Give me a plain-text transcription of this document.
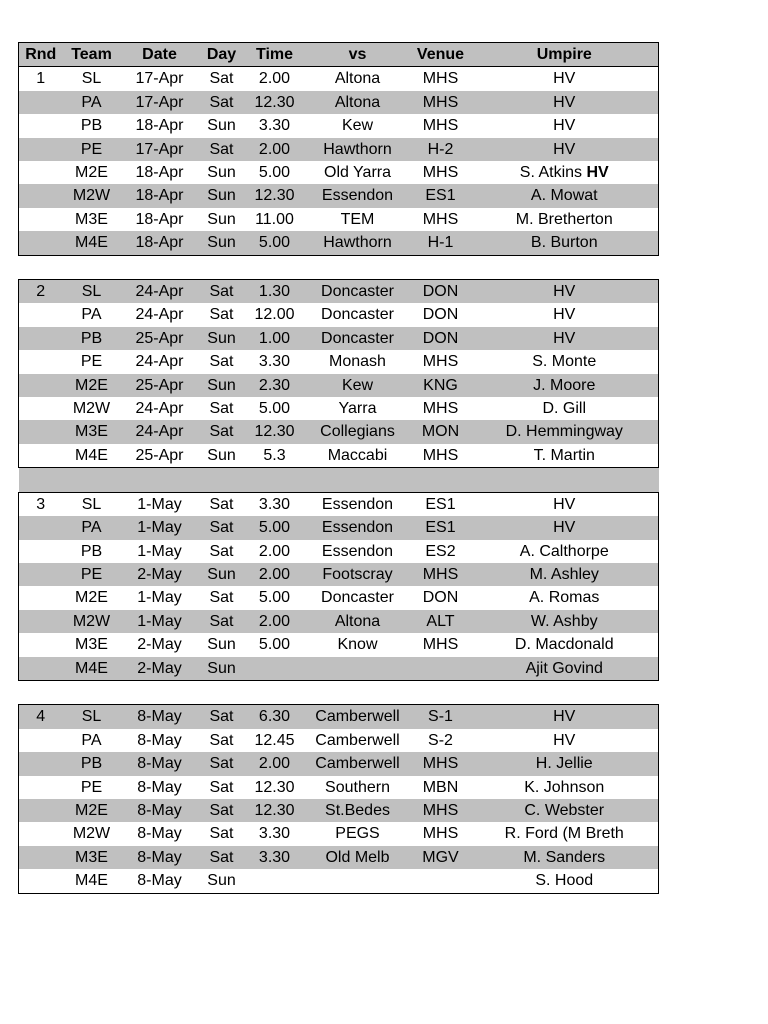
Rnd	Team	Date	Day	Time	vs	Venue	Umpire
1	SL	17-Apr	Sat	2.00	Altona	MHS	HV
	PA	17-Apr	Sat	12.30	Altona	MHS	HV
	PB	18-Apr	Sun	3.30	Kew	MHS	HV
	PE	17-Apr	Sat	2.00	Hawthorn	H-2	HV
	M2E	18-Apr	Sun	5.00	Old Yarra	MHS	S. Atkins HV
	M2W	18-Apr	Sun	12.30	Essendon	ES1	A. Mowat
	M3E	18-Apr	Sun	11.00	TEM	MHS	M. Bretherton
	M4E	18-Apr	Sun	5.00	Hawthorn	H-1	B. Burton

2	SL	24-Apr	Sat	1.30	Doncaster	DON	HV
	PA	24-Apr	Sat	12.00	Doncaster	DON	HV
	PB	25-Apr	Sun	1.00	Doncaster	DON	HV
	PE	24-Apr	Sat	3.30	Monash	MHS	S. Monte
	M2E	25-Apr	Sun	2.30	Kew	KNG	J. Moore
	M2W	24-Apr	Sat	5.00	Yarra	MHS	D. Gill
	M3E	24-Apr	Sat	12.30	Collegians	MON	D. Hemmingway
	M4E	25-Apr	Sun	5.3	Maccabi	MHS	T. Martin

3	SL	1-May	Sat	3.30	Essendon	ES1	HV
	PA	1-May	Sat	5.00	Essendon	ES1	HV
	PB	1-May	Sat	2.00	Essendon	ES2	A. Calthorpe
	PE	2-May	Sun	2.00	Footscray	MHS	M. Ashley
	M2E	1-May	Sat	5.00	Doncaster	DON	A. Romas
	M2W	1-May	Sat	2.00	Altona	ALT	W. Ashby
	M3E	2-May	Sun	5.00	Know	MHS	D. Macdonald
	M4E	2-May	Sun				Ajit Govind

4	SL	8-May	Sat	6.30	Camberwell	S-1	HV
	PA	8-May	Sat	12.45	Camberwell	S-2	HV
	PB	8-May	Sat	2.00	Camberwell	MHS	H. Jellie
	PE	8-May	Sat	12.30	Southern	MBN	K. Johnson
	M2E	8-May	Sat	12.30	St.Bedes	MHS	C. Webster
	M2W	8-May	Sat	3.30	PEGS	MHS	R. Ford (M Breth
	M3E	8-May	Sat	3.30	Old Melb	MGV	M. Sanders
	M4E	8-May	Sun				S. Hood
